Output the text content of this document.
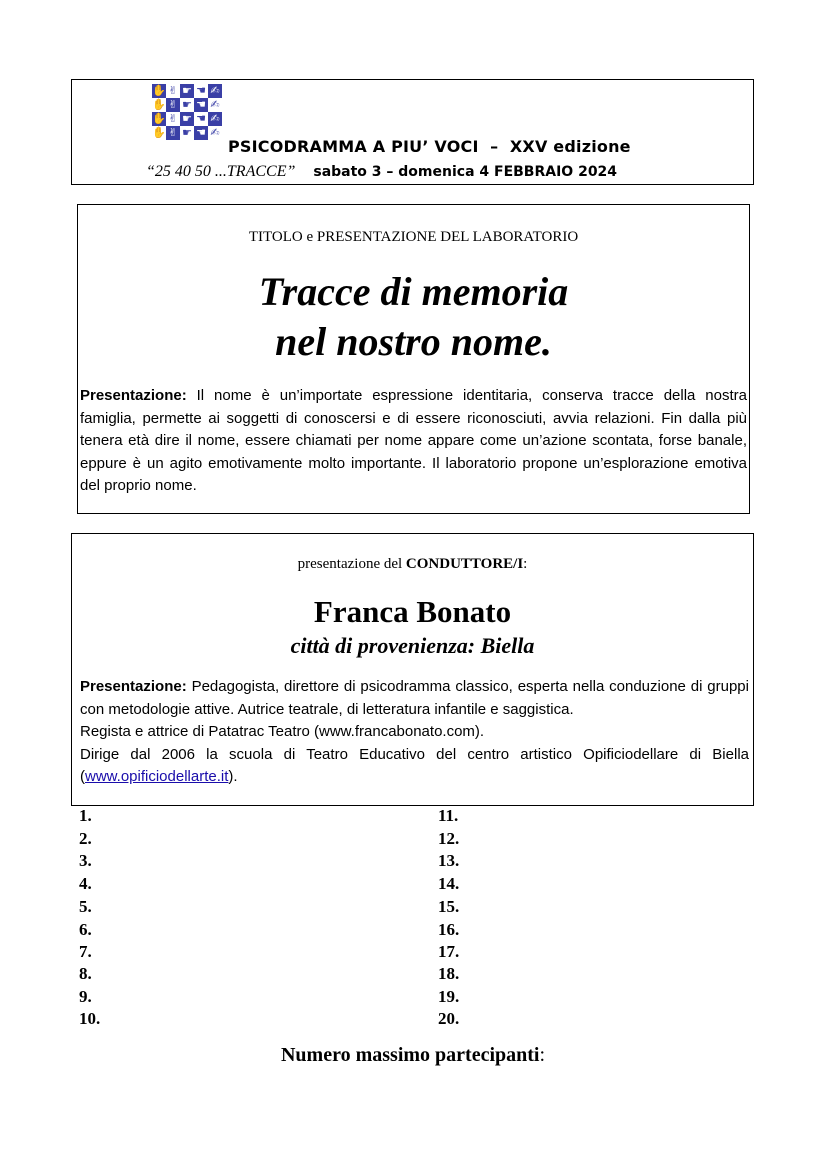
✋ ✌ ☛ ☚ ✍
✋ ✌ ☛ ☚ ✍
✋ ✌ ☛ ☚ ✍
✋ ✌ ☛ ☚ ✍
PSICODRAMMA A PIU’ VOCI  –  XXV edizione
“25 40 50 ...TRACCE” sabato 3 – domenica 4 FEBBRAIO 2024
TITOLO e PRESENTAZIONE DEL LABORATORIO
Tracce di memoria
nel nostro nome.
Presentazione: Il nome è un’importate espressione identitaria, conserva tracce della nostra famiglia, permette ai soggetti di conoscersi e di essere riconosciuti, avvia relazioni. Fin dalla più tenera età dire il nome, essere chiamati per nome appare come un’azione scontata, forse banale, eppure è un agito emotivamente molto importante. Il laboratorio propone un’esplorazione emotiva del proprio nome.
presentazione del CONDUTTORE/I:
Franca Bonato
città di provenienza: Biella
Presentazione: Pedagogista, direttore di psicodramma classico, esperta nella conduzione di gruppi con metodologie attive. Autrice teatrale, di letteratura infantile e saggistica.
Regista e attrice di Patatrac Teatro (www.francabonato.com).
Dirige dal 2006 la scuola di Teatro Educativo del centro artistico Opificiodellare di Biella (www.opificiodellarte.it).
1.
2.
3.
4.
5.
6.
7.
8.
9.
10.
11.
12.
13.
14.
15.
16.
17.
18.
19.
20.
Numero massimo partecipanti:
